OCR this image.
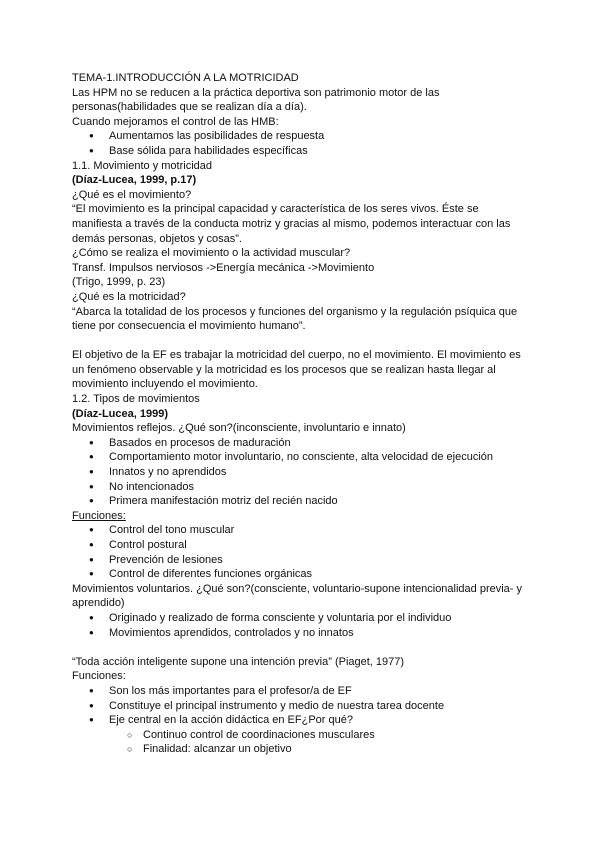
TEMA-1.INTRODUCCIÓN A LA MOTRICIDAD

Las HPM no se reducen a la práctica deportiva son patrimonio motor de las

personas(habilidades que se realizan día a día).

Cuando mejoramos el control de las HMB:

● Aumentamos las posibilidades de respuesta
● Base sólida para habilidades específicas

1.1. Movimiento y motricidad

(Díaz-Lucea, 1999, p.17)

¿Qué es el movimiento?

“El movimiento es la principal capacidad y característica de los seres vivos. Éste se

manifiesta a través de la conducta motriz y gracias al mismo, podemos interactuar con las

demás personas, objetos y cosas”.

¿Cómo se realiza el movimiento o la actividad muscular?

Transf. Impulsos nerviosos ->Energía mecánica ->Movimiento

(Trigo, 1999, p. 23)

¿Qué es la motricidad?

“Abarca la totalidad de los procesos y funciones del organismo y la regulación psíquica que

tiene por consecuencia el movimiento humano”.

El objetivo de la EF es trabajar la motricidad del cuerpo, no el movimiento. El movimiento es

un fenómeno observable y la motricidad es los procesos que se realizan hasta llegar al

movimiento incluyendo el movimiento.

1.2. Tipos de movimientos

(Díaz-Lucea, 1999)

Movimientos reflejos. ¿Qué son?(inconsciente, involuntario e innato)

● Basados en procesos de maduración
● Comportamiento motor involuntario, no consciente, alta velocidad de ejecución
● Innatos y no aprendidos
● No intencionados
● Primera manifestación motriz del recién nacido

Funciones:

● Control del tono muscular
● Control postural
● Prevención de lesiones
● Control de diferentes funciones orgánicas

Movimientos voluntarios. ¿Qué son?(consciente, voluntario-supone intencionalidad previa- y

aprendido)

● Originado y realizado de forma consciente y voluntaria por el individuo
● Movimientos aprendidos, controlados y no innatos

“Toda acción inteligente supone una intención previa” (Piaget, 1977)

Funciones:

● Son los más importantes para el profesor/a de EF
● Constituye el principal instrumento y medio de nuestra tarea docente
● Eje central en la acción didáctica en EF¿Por qué?
○ Continuo control de coordinaciones musculares
○ Finalidad: alcanzar un objetivo
